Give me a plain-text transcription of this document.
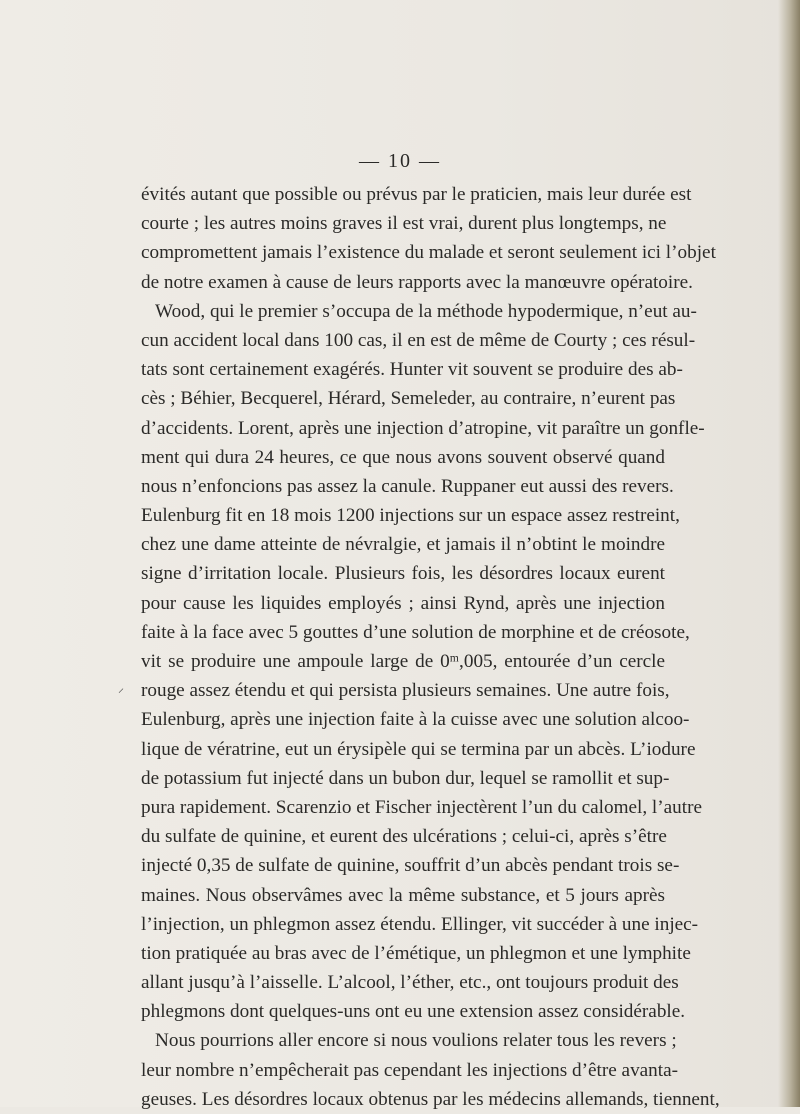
— 10 —
⸍
évités autant que possible ou prévus par le praticien, mais leur durée est
courte ; les autres moins graves il est vrai, durent plus longtemps, ne
compromettent jamais l’existence du malade et seront seulement ici l’objet
de notre examen à cause de leurs rapports avec la manœuvre opératoire.
Wood, qui le premier s’occupa de la méthode hypodermique, n’eut au-
cun accident local dans 100 cas, il en est de même de Courty ; ces résul-
tats sont certainement exagérés. Hunter vit souvent se produire des ab-
cès ; Béhier, Becquerel, Hérard, Semeleder, au contraire, n’eurent pas
d’accidents. Lorent, après une injection d’atropine, vit paraître un gonfle-
ment qui dura 24 heures, ce que nous avons souvent observé quand
nous n’enfoncions pas assez la canule. Ruppaner eut aussi des revers.
Eulenburg fit en 18 mois 1200 injections sur un espace assez restreint,
chez une dame atteinte de névralgie, et jamais il n’obtint le moindre
signe d’irritation locale. Plusieurs fois, les désordres locaux eurent
pour cause les liquides employés ; ainsi Rynd, après une injection
faite à la face avec 5 gouttes d’une solution de morphine et de créosote,
vit se produire une ampoule large de 0ᵐ,005, entourée d’un cercle
rouge assez étendu et qui persista plusieurs semaines. Une autre fois,
Eulenburg, après une injection faite à la cuisse avec une solution alcoo-
lique de vératrine, eut un érysipèle qui se termina par un abcès. L’iodure
de potassium fut injecté dans un bubon dur, lequel se ramollit et sup-
pura rapidement. Scarenzio et Fischer injectèrent l’un du calomel, l’autre
du sulfate de quinine, et eurent des ulcérations ; celui-ci, après s’être
injecté 0,35 de sulfate de quinine, souffrit d’un abcès pendant trois se-
maines. Nous observâmes avec la même substance, et 5 jours après
l’injection, un phlegmon assez étendu. Ellinger, vit succéder à une injec-
tion pratiquée au bras avec de l’émétique, un phlegmon et une lymphite
allant jusqu’à l’aisselle. L’alcool, l’éther, etc., ont toujours produit des
phlegmons dont quelques-uns ont eu une extension assez considérable.
Nous pourrions aller encore si nous voulions relater tous les revers ;
leur nombre n’empêcherait pas cependant les injections d’être avanta-
geuses. Les désordres locaux obtenus par les médecins allemands, tiennent,
